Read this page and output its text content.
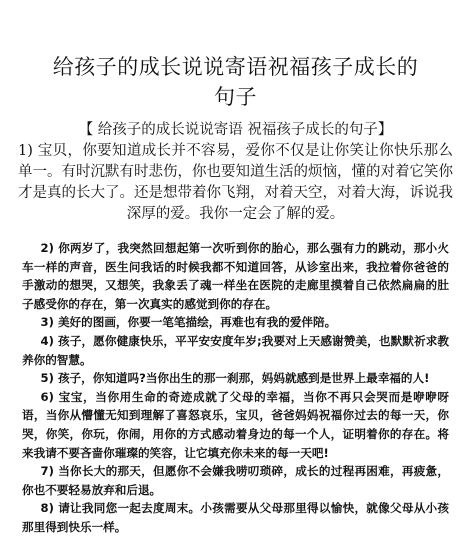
给孩子的成长说说寄语祝福孩子成长的
句子
【 给孩子的成长说说寄语 祝福孩子成长的句子】
1) 宝贝，你要知道成长并不容易，爱你不仅是让你笑让你快乐那么单一。有时沉默有时悲伤，你也要知道生活的烦恼，懂的对着它笑你才是真的长大了。还是想带着你飞翔，对着天空，对着大海，诉说我深厚的爱。我你一定会了解的爱。

2) 你两岁了，我突然回想起第一次听到你的胎心，那么强有力的跳动，那小火车一样的声音，医生问我话的时候我都不知道回答，从诊室出来，我拉着你爸爸的手激动的想哭，又想笑，我象丢了魂一样坐在医院的走廊里摸着自己依然扁扁的肚子感受你的存在，第一次真实的感觉到你的存在。

3) 美好的图画，你要一笔笔描绘，再难也有我的爱伴陪。

4) 孩子，愿你健康快乐，平平安安度年岁;我要对上天感谢赞美，也默默祈求教养你的智慧。

5) 孩子，你知道吗?当你出生的那一刹那，妈妈就感到是世界上最幸福的人!

6) 宝宝，当你用生命的奇迹成就了父母的幸福，当你不再只会哭而是咿咿呀语，当你从懵懂无知到理解了喜怒哀乐，宝贝，爸爸妈妈祝福你过去的每一天，你哭，你笑，你玩，你闹，用你的方式感动着身边的每一个人，证明着你的存在。将来我请不要吝啬你璀璨的笑容，让它填充你未来的每一天吧!

7) 当你长大的那天，但愿你不会嫌我唠叨琐碎，成长的过程再困难，再疲惫，你也不要轻易放弃和后退。

8) 请让我同您一起去度周末。小孩需要从父母那里得以愉快，就像父母从小孩那里得到快乐一样。
